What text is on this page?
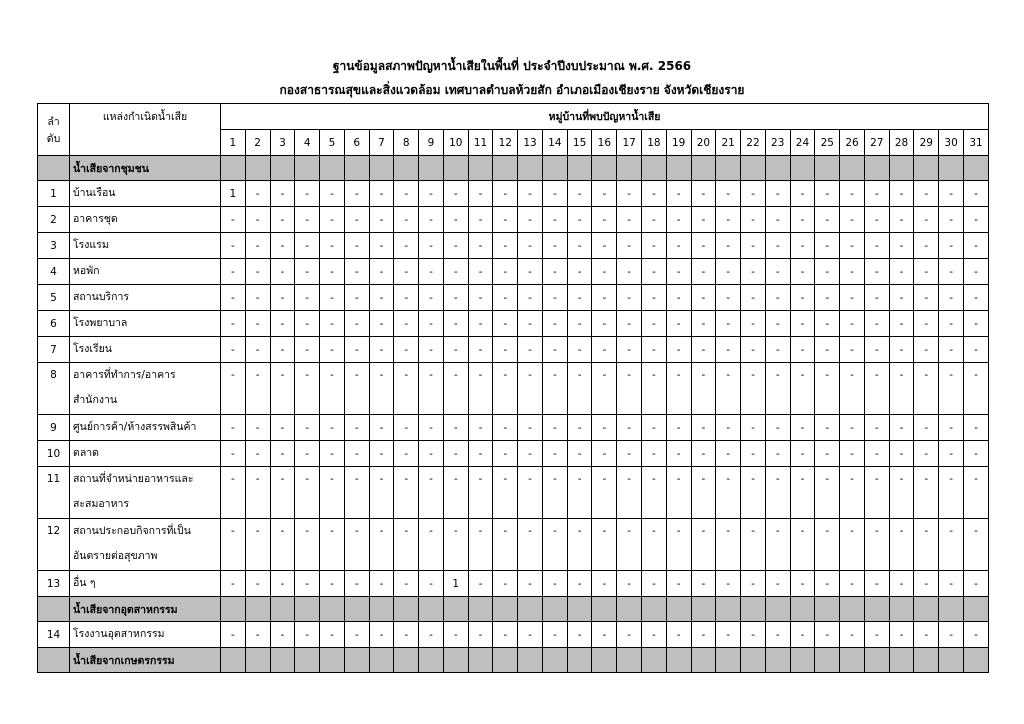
ฐานข้อมูลสภาพปัญหาน้ำเสียในพื้นที่ ประจำปีงบประมาณ พ.ศ. 2566
กองสาธารณสุขและสิ่งแวดล้อม เทศบาลตำบลห้วยสัก อำเภอเมืองเชียงราย จังหวัดเชียงราย
ลำ
ดับ	แหล่งกำเนิดน้ำเสีย	หมู่บ้านที่พบปัญหาน้ำเสีย																														
		1	2	3	4	5	6	7	8	9	10	11	12	13	14	15	16	17	18	19	20	21	22	23	24	25	26	27	28	29	30	31
	น้ำเสียจากชุมชน																															
1	บ้านเรือน	1	-	-	-	-	-	-	-	-	-	-	-	-	-	-	-	-	-	-	-	-	-	-	-	-	-	-	-	-	-	-
2	อาคารชุด	-	-	-	-	-	-	-	-	-	-	-	-	-	-	-	-	-	-	-	-	-	-	-	-	-	-	-	-	-	-	-
3	โรงแรม	-	-	-	-	-	-	-	-	-	-	-	-	-	-	-	-	-	-	-	-	-	-	-	-	-	-	-	-	-	-	-
4	หอพัก	-	-	-	-	-	-	-	-	-	-	-	-	-	-	-	-	-	-	-	-	-	-	-	-	-	-	-	-	-	-	-
5	สถานบริการ	-	-	-	-	-	-	-	-	-	-	-	-	-	-	-	-	-	-	-	-	-	-	-	-	-	-	-	-	-	-	-
6	โรงพยาบาล	-	-	-	-	-	-	-	-	-	-	-	-	-	-	-	-	-	-	-	-	-	-	-	-	-	-	-	-	-	-	-
7	โรงเรียน	-	-	-	-	-	-	-	-	-	-	-	-	-	-	-	-	-	-	-	-	-	-	-	-	-	-	-	-	-	-	-
8	อาคารที่ทำการ/อาคาร
สำนักงาน	-	-	-	-	-	-	-	-	-	-	-	-	-	-	-	-	-	-	-	-	-	-	-	-	-	-	-	-	-	-	-
9	ศูนย์การค้า/ห้างสรรพสินค้า	-	-	-	-	-	-	-	-	-	-	-	-	-	-	-	-	-	-	-	-	-	-	-	-	-	-	-	-	-	-	-
10	ตลาด	-	-	-	-	-	-	-	-	-	-	-	-	-	-	-	-	-	-	-	-	-	-	-	-	-	-	-	-	-	-	-
11	สถานที่จำหน่ายอาหารและ
สะสมอาหาร	-	-	-	-	-	-	-	-	-	-	-	-	-	-	-	-	-	-	-	-	-	-	-	-	-	-	-	-	-	-	-
12	สถานประกอบกิจการที่เป็น
อันตรายต่อสุขภาพ	-	-	-	-	-	-	-	-	-	-	-	-	-	-	-	-	-	-	-	-	-	-	-	-	-	-	-	-	-	-	-
13	อื่น ๆ	-	-	-	-	-	-	-	-	-	1	-	-	-	-	-	-	-	-	-	-	-	-	-	-	-	-	-	-	-	-	-
	น้ำเสียจากอุตสาหกรรม																															
14	โรงงานอุตสาหกรรม	-	-	-	-	-	-	-	-	-	-	-	-	-	-	-	-	-	-	-	-	-	-	-	-	-	-	-	-	-	-	-
	น้ำเสียจากเกษตรกรรม																															
